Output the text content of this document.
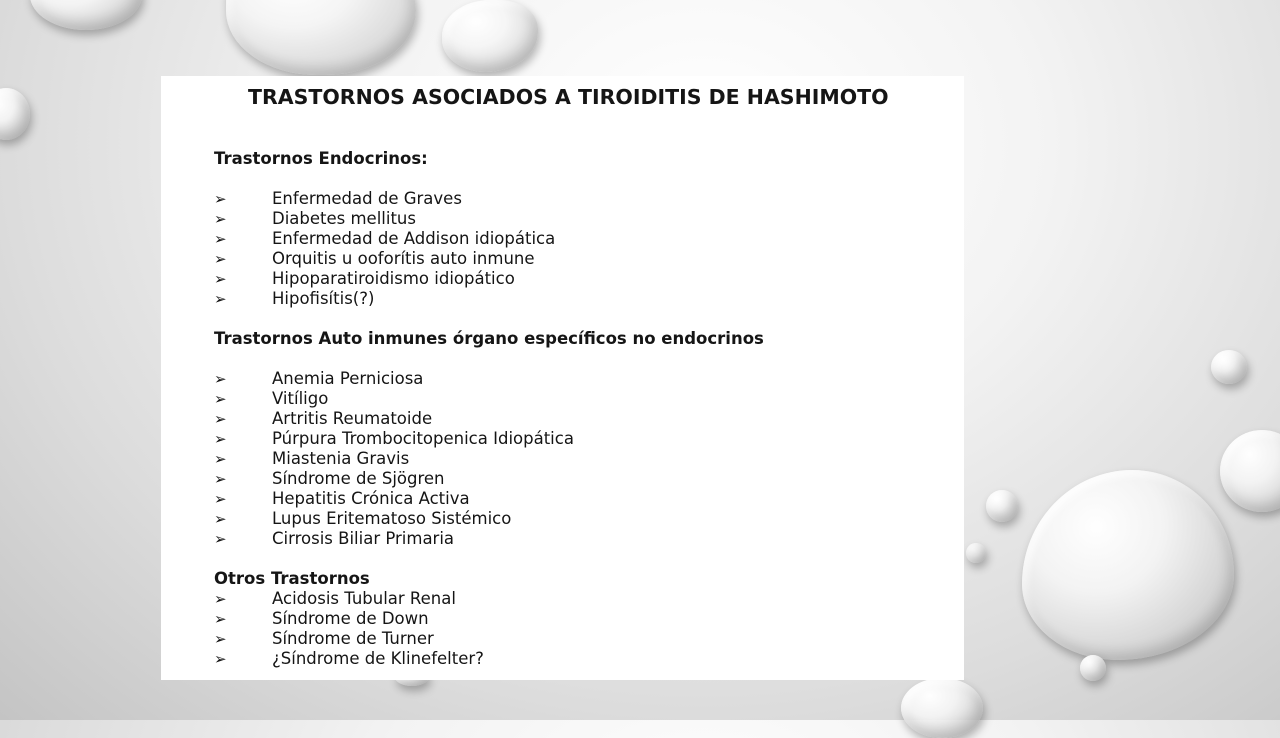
TRASTORNOS ASOCIADOS A TIROIDITIS DE HASHIMOTO

Trastornos Endocrinos:

➢	Enfermedad de Graves
➢	Diabetes mellitus
➢	Enfermedad de Addison idiopática
➢	Orquitis u ooforítis auto inmune
➢	Hipoparatiroidismo idiopático
➢	Hipofisítis(?)

Trastornos Auto inmunes órgano específicos no endocrinos

➢	Anemia Perniciosa
➢	Vitíligo
➢	Artritis Reumatoide
➢	Púrpura Trombocitopenica Idiopática
➢	Miastenia Gravis
➢	Síndrome de Sjögren
➢	Hepatitis Crónica Activa
➢	Lupus Eritematoso Sistémico
➢	Cirrosis Biliar Primaria

Otros Trastornos

➢	Acidosis Tubular Renal
➢	Síndrome de Down
➢	Síndrome de Turner
➢	¿Síndrome de Klinefelter?
